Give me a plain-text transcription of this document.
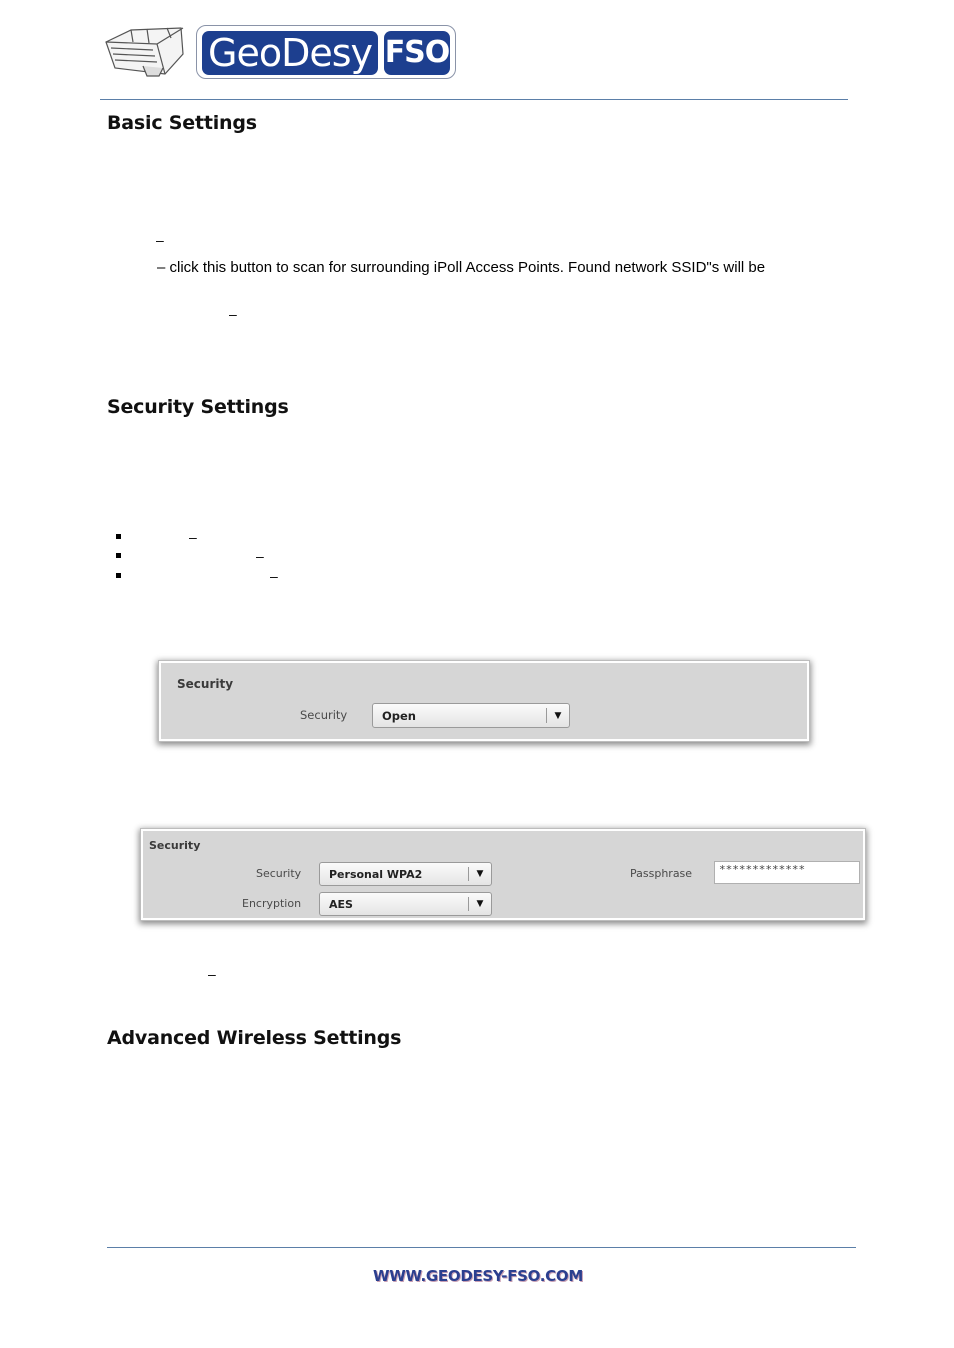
GeoDesy FSO
Basic Settings
–
– click this button to scan for surrounding iPoll Access Points. Found network SSID"s will be
–
Security Settings
–
–
–
Security
Security	Open	▼
Security
Security	Personal WPA2	▼
Encryption	AES	▼
Passphrase	*************
–
Advanced Wireless Settings
WWW.GEODESY-FSO.COM
